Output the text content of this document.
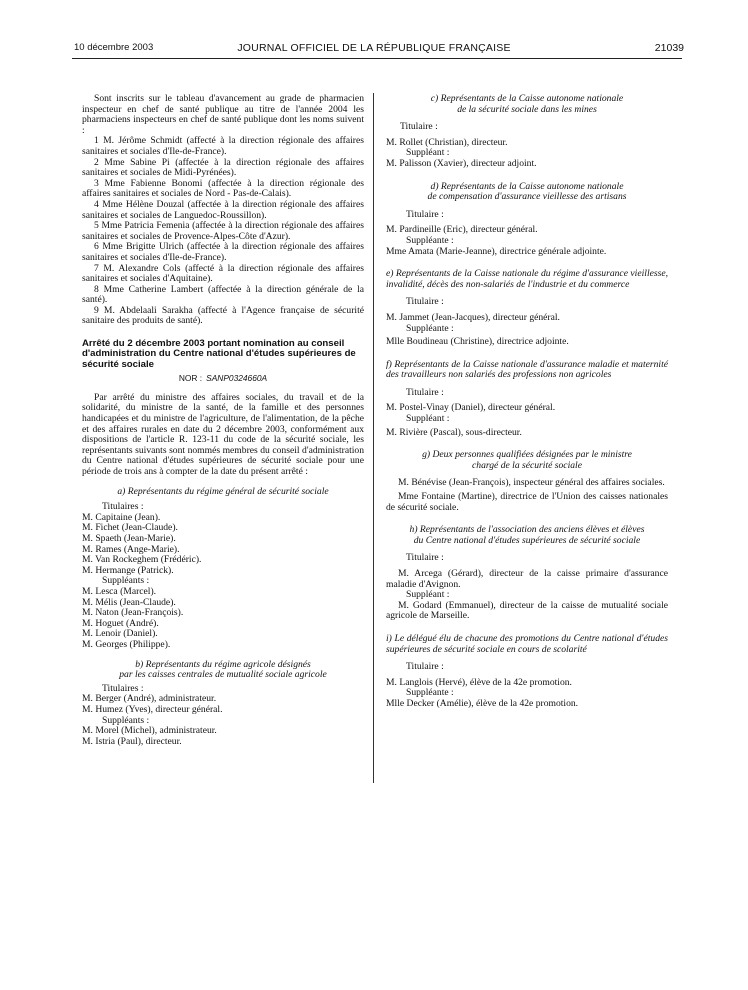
10 décembre 2003	JOURNAL OFFICIEL DE LA RÉPUBLIQUE FRANÇAISE	21039

Sont inscrits sur le tableau d'avancement au grade de pharmacien inspecteur en chef de santé publique au titre de l'année 2004 les pharmaciens inspecteurs en chef de santé publique dont les noms suivent :

1 M. Jérôme Schmidt (affecté à la direction régionale des affaires sanitaires et sociales d'Ile-de-France).

2 Mme Sabine Pi (affectée à la direction régionale des affaires sanitaires et sociales de Midi-Pyrénées).

3 Mme Fabienne Bonomi (affectée à la direction régionale des affaires sanitaires et sociales de Nord - Pas-de-Calais).

4 Mme Hélène Douzal (affectée à la direction régionale des affaires sanitaires et sociales de Languedoc-Roussillon).

5 Mme Patricia Femenia (affectée à la direction régionale des affaires sanitaires et sociales de Provence-Alpes-Côte d'Azur).

6 Mme Brigitte Ulrich (affectée à la direction régionale des affaires sanitaires et sociales d'Ile-de-France).

7 M. Alexandre Cols (affecté à la direction régionale des affaires sanitaires et sociales d'Aquitaine).

8 Mme Catherine Lambert (affectée à la direction générale de la santé).

9 M. Abdelaali Sarakha (affecté à l'Agence française de sécurité sanitaire des produits de santé).

Arrêté du 2 décembre 2003 portant nomination au conseil d'administration du Centre national d'études supérieures de sécurité sociale

NOR : SANP0324660A

Par arrêté du ministre des affaires sociales, du travail et de la solidarité, du ministre de la santé, de la famille et des personnes handicapées et du ministre de l'agriculture, de l'alimentation, de la pêche et des affaires rurales en date du 2 décembre 2003, conformément aux dispositions de l'article R. 123-11 du code de la sécurité sociale, les représentants suivants sont nommés membres du conseil d'administration du Centre national d'études supérieures de sécurité sociale pour une période de trois ans à compter de la date du présent arrêté :

a) Représentants du régime général de sécurité sociale

Titulaires :

M. Capitaine (Jean).

M. Fichet (Jean-Claude).

M. Spaeth (Jean-Marie).

M. Rames (Ange-Marie).

M. Van Rockeghem (Frédéric).

M. Hermange (Patrick).

Suppléants :

M. Lesca (Marcel).

M. Mélis (Jean-Claude).

M. Naton (Jean-François).

M. Hoguet (André).

M. Lenoir (Daniel).

M. Georges (Philippe).

b) Représentants du régime agricole désignés

par les caisses centrales de mutualité sociale agricole

Titulaires :

M. Berger (André), administrateur.

M. Humez (Yves), directeur général.

Suppléants :

M. Morel (Michel), administrateur.

M. Istria (Paul), directeur.

c) Représentants de la Caisse autonome nationale

de la sécurité sociale dans les mines

Titulaire :

M. Rollet (Christian), directeur.

Suppléant :

M. Palisson (Xavier), directeur adjoint.

d) Représentants de la Caisse autonome nationale

de compensation d'assurance vieillesse des artisans

Titulaire :

M. Pardineille (Eric), directeur général.

Suppléante :

Mme Amata (Marie-Jeanne), directrice générale adjointe.

e) Représentants de la Caisse nationale du régime d'assurance vieillesse, invalidité, décès des non-salariés de l'industrie et du commerce

Titulaire :

M. Jammet (Jean-Jacques), directeur général.

Suppléante :

Mlle Boudineau (Christine), directrice adjointe.

f) Représentants de la Caisse nationale d'assurance maladie et maternité des travailleurs non salariés des professions non agricoles

Titulaire :

M. Postel-Vinay (Daniel), directeur général.

Suppléant :

M. Rivière (Pascal), sous-directeur.

g) Deux personnes qualifiées désignées par le ministre

chargé de la sécurité sociale

M. Bénévise (Jean-François), inspecteur général des affaires sociales.

Mme Fontaine (Martine), directrice de l'Union des caisses nationales de sécurité sociale.

h) Représentants de l'association des anciens élèves et élèves

du Centre national d'études supérieures de sécurité sociale

Titulaire :

M. Arcega (Gérard), directeur de la caisse primaire d'assurance maladie d'Avignon.

Suppléant :

M. Godard (Emmanuel), directeur de la caisse de mutualité sociale agricole de Marseille.

i) Le délégué élu de chacune des promotions du Centre national d'études supérieures de sécurité sociale en cours de scolarité

Titulaire :

M. Langlois (Hervé), élève de la 42e promotion.

Suppléante :

Mlle Decker (Amélie), élève de la 42e promotion.
